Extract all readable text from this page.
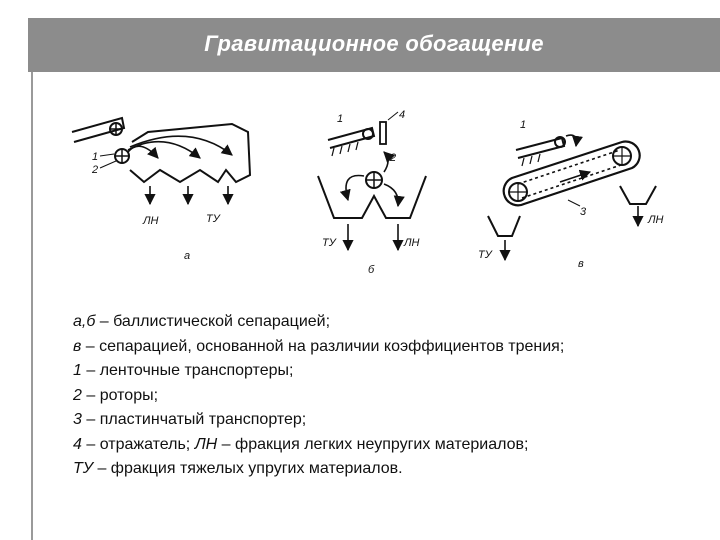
Гравитационное обогащение
1
2
ЛН	ТУ
а
1	4
2
ТУ	ЛН
б
1
3
ЛН
ТУ
в
а,б – баллистической сепарацией;
в – сепарацией, основанной на различии коэффициентов трения;
1 – ленточные транспортеры;
2 – роторы;
3 – пластинчатый транспортер;
4 – отражатель; ЛН – фракция легких неупругих материалов;
ТУ – фракция тяжелых упругих материалов.
